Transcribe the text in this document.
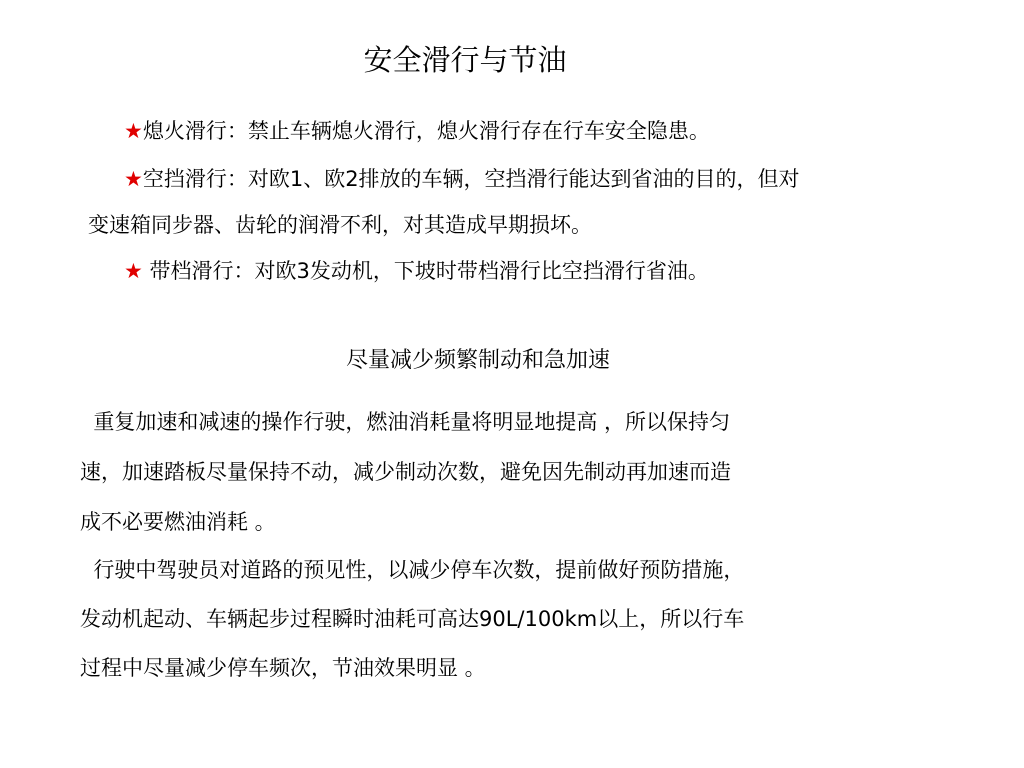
安全滑行与节油
★熄火滑行：禁止车辆熄火滑行，熄火滑行存在行车安全隐患。
★空挡滑行：对欧1、欧2排放的车辆，空挡滑行能达到省油的目的，但对
变速箱同步器、齿轮的润滑不利，对其造成早期损坏。
★ 带档滑行：对欧3发动机，下坡时带档滑行比空挡滑行省油。
尽量减少频繁制动和急加速
重复加速和减速的操作行驶，燃油消耗量将明显地提高 ，所以保持匀
速，加速踏板尽量保持不动，减少制动次数，避免因先制动再加速而造
成不必要燃油消耗 。
行驶中驾驶员对道路的预见性，以减少停车次数，提前做好预防措施，
发动机起动、车辆起步过程瞬时油耗可高达90L/100km以上，所以行车
过程中尽量减少停车频次，节油效果明显 。
